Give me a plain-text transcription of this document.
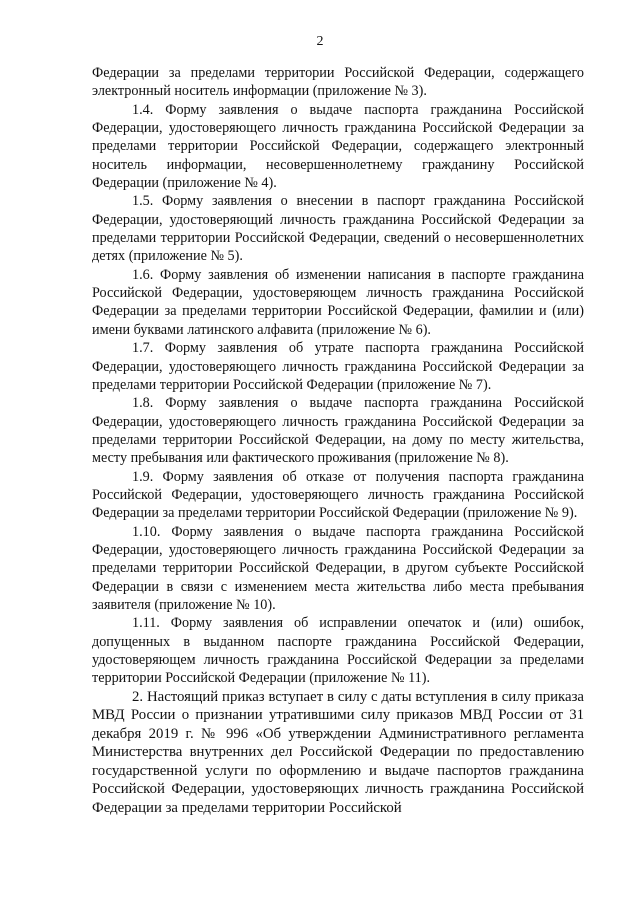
2

Федерации за пределами территории Российской Федерации, содержащего электронный носитель информации (приложение № 3).

1.4. Форму заявления о выдаче паспорта гражданина Российской Федерации, удостоверяющего личность гражданина Российской Федерации за пределами территории Российской Федерации, содержащего электронный носитель информации, несовершеннолетнему гражданину Российской Федерации (приложение № 4).

1.5. Форму заявления о внесении в паспорт гражданина Российской Федерации, удостоверяющий личность гражданина Российской Федерации за пределами территории Российской Федерации, сведений о несовершеннолетних детях (приложение № 5).

1.6. Форму заявления об изменении написания в паспорте гражданина Российской Федерации, удостоверяющем личность гражданина Российской Федерации за пределами территории Российской Федерации, фамилии и (или) имени буквами латинского алфавита (приложение № 6).

1.7. Форму заявления об утрате паспорта гражданина Российской Федерации, удостоверяющего личность гражданина Российской Федерации за пределами территории Российской Федерации (приложение № 7).

1.8. Форму заявления о выдаче паспорта гражданина Российской Федерации, удостоверяющего личность гражданина Российской Федерации за пределами территории Российской Федерации, на дому по месту жительства, месту пребывания или фактического проживания (приложение № 8).

1.9. Форму заявления об отказе от получения паспорта гражданина Российской Федерации, удостоверяющего личность гражданина Российской Федерации за пределами территории Российской Федерации (приложение № 9).

1.10. Форму заявления о выдаче паспорта гражданина Российской Федерации, удостоверяющего личность гражданина Российской Федерации за пределами территории Российской Федерации, в другом субъекте Российской Федерации в связи с изменением места жительства либо места пребывания заявителя (приложение № 10).

1.11. Форму заявления об исправлении опечаток и (или) ошибок, допущенных в выданном паспорте гражданина Российской Федерации, удостоверяющем личность гражданина Российской Федерации за пределами территории Российской Федерации (приложение № 11).

2. Настоящий приказ вступает в силу с даты вступления в силу приказа МВД России о признании утратившими силу приказов МВД России от 31 декабря 2019 г. № 996 «Об утверждении Административного регламента Министерства внутренних дел Российской Федерации по предоставлению государственной услуги по оформлению и выдаче паспортов гражданина Российской Федерации, удостоверяющих личность гражданина Российской Федерации за пределами территории Российской
